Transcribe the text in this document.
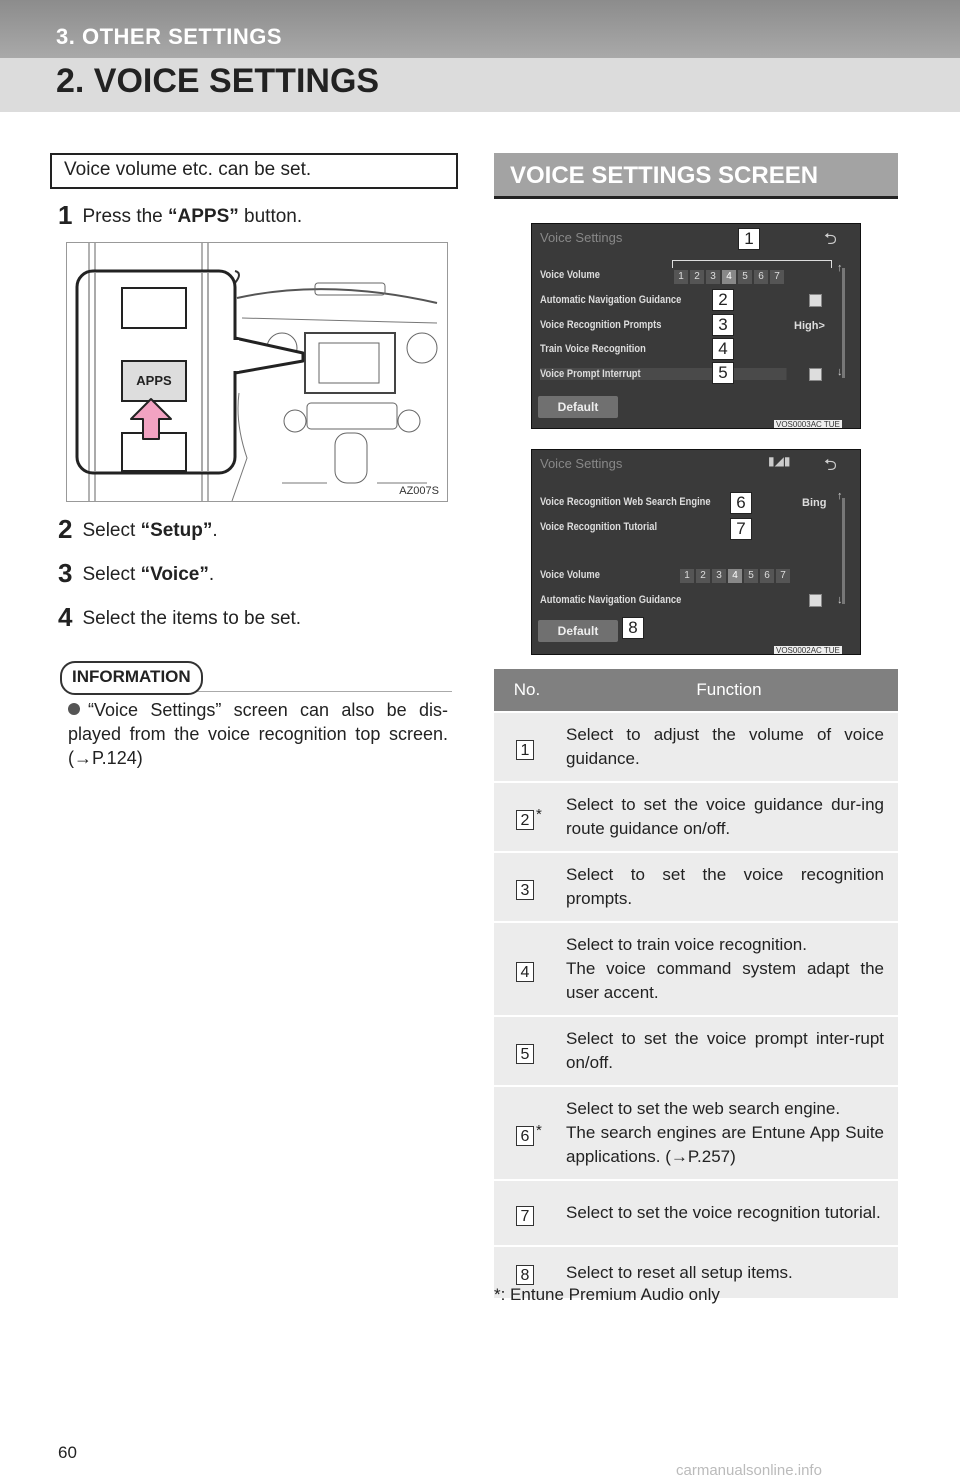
3. OTHER SETTINGS
2. VOICE SETTINGS
Voice volume etc. can be set.
1 Press the “APPS” button.
APPS
AZ007S
2 Select “Setup”.
3 Select “Voice”.
4 Select the items to be set.
INFORMATION
“Voice Settings” screen can also be dis-played from the voice recognition top screen. (→P.124)
VOICE SETTINGS SCREEN
Voice Settings	⮌
Voice Volume
Automatic Navigation Guidance
Voice Recognition Prompts
Train Voice Recognition
Voice Prompt Interrupt
1	2	3	4	5	6	7
High>
↑
↓
Default
VOS0003AC TUE
1
2
3
4
5
Voice Settings	▮◢▮ ⮌
Voice Recognition Web Search Engine
Voice Recognition Tutorial
Voice Volume
Automatic Navigation Guidance
Bing
1	2	3	4	5	6	7
↑
↓
Default
VOS0002AC TUE
6
7
8
No.	Function
1	Select to adjust the volume of voice guidance.
2 *	Select to set the voice guidance dur-ing route guidance on/off.
3	Select to set the voice recognition prompts.
4	Select to train voice recognition.
The voice command system adapt the user accent.
5	Select to set the voice prompt inter-rupt on/off.
6 *	Select to set the web search engine.
The search engines are Entune App Suite applications. (→P.257)
7	Select to set the voice recognition tutorial.
8	Select to reset all setup items.
*: Entune Premium Audio only
60
carmanualsonline.info
